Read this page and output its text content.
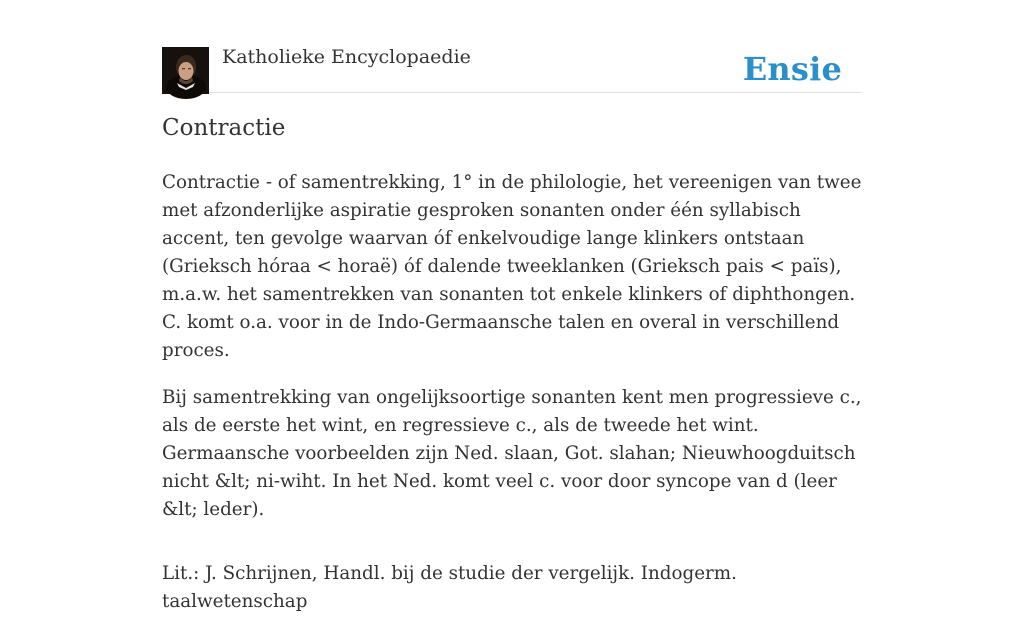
Katholieke Encyclopaedie	Ensie
Contractie

Contractie - of samentrekking, 1° in de philologie, het vereenigen van twee met afzonderlijke aspiratie gesproken sonanten onder één syllabisch accent, ten gevolge waarvan óf enkelvoudige lange klinkers ontstaan (Grieksch hóraa < horaë) óf dalende tweeklanken (Grieksch pais < païs), m.a.w. het samentrekken van sonanten tot enkele klinkers of diphthongen. C. komt o.a. voor in de Indo-Germaansche talen en overal in verschillend proces.

Bij samentrekking van ongelijksoortige sonanten kent men progressieve c., als de eerste het wint, en regressieve c., als de tweede het wint. Germaansche voorbeelden zijn Ned. slaan, Got. slahan; Nieuwhoogduitsch nicht &lt; ni-wiht. In het Ned. komt veel c. voor door syncope van d (leer &lt; leder).

Lit.: J. Schrijnen, Handl. bij de studie der vergelijk. Indogerm. taalwetenschap
